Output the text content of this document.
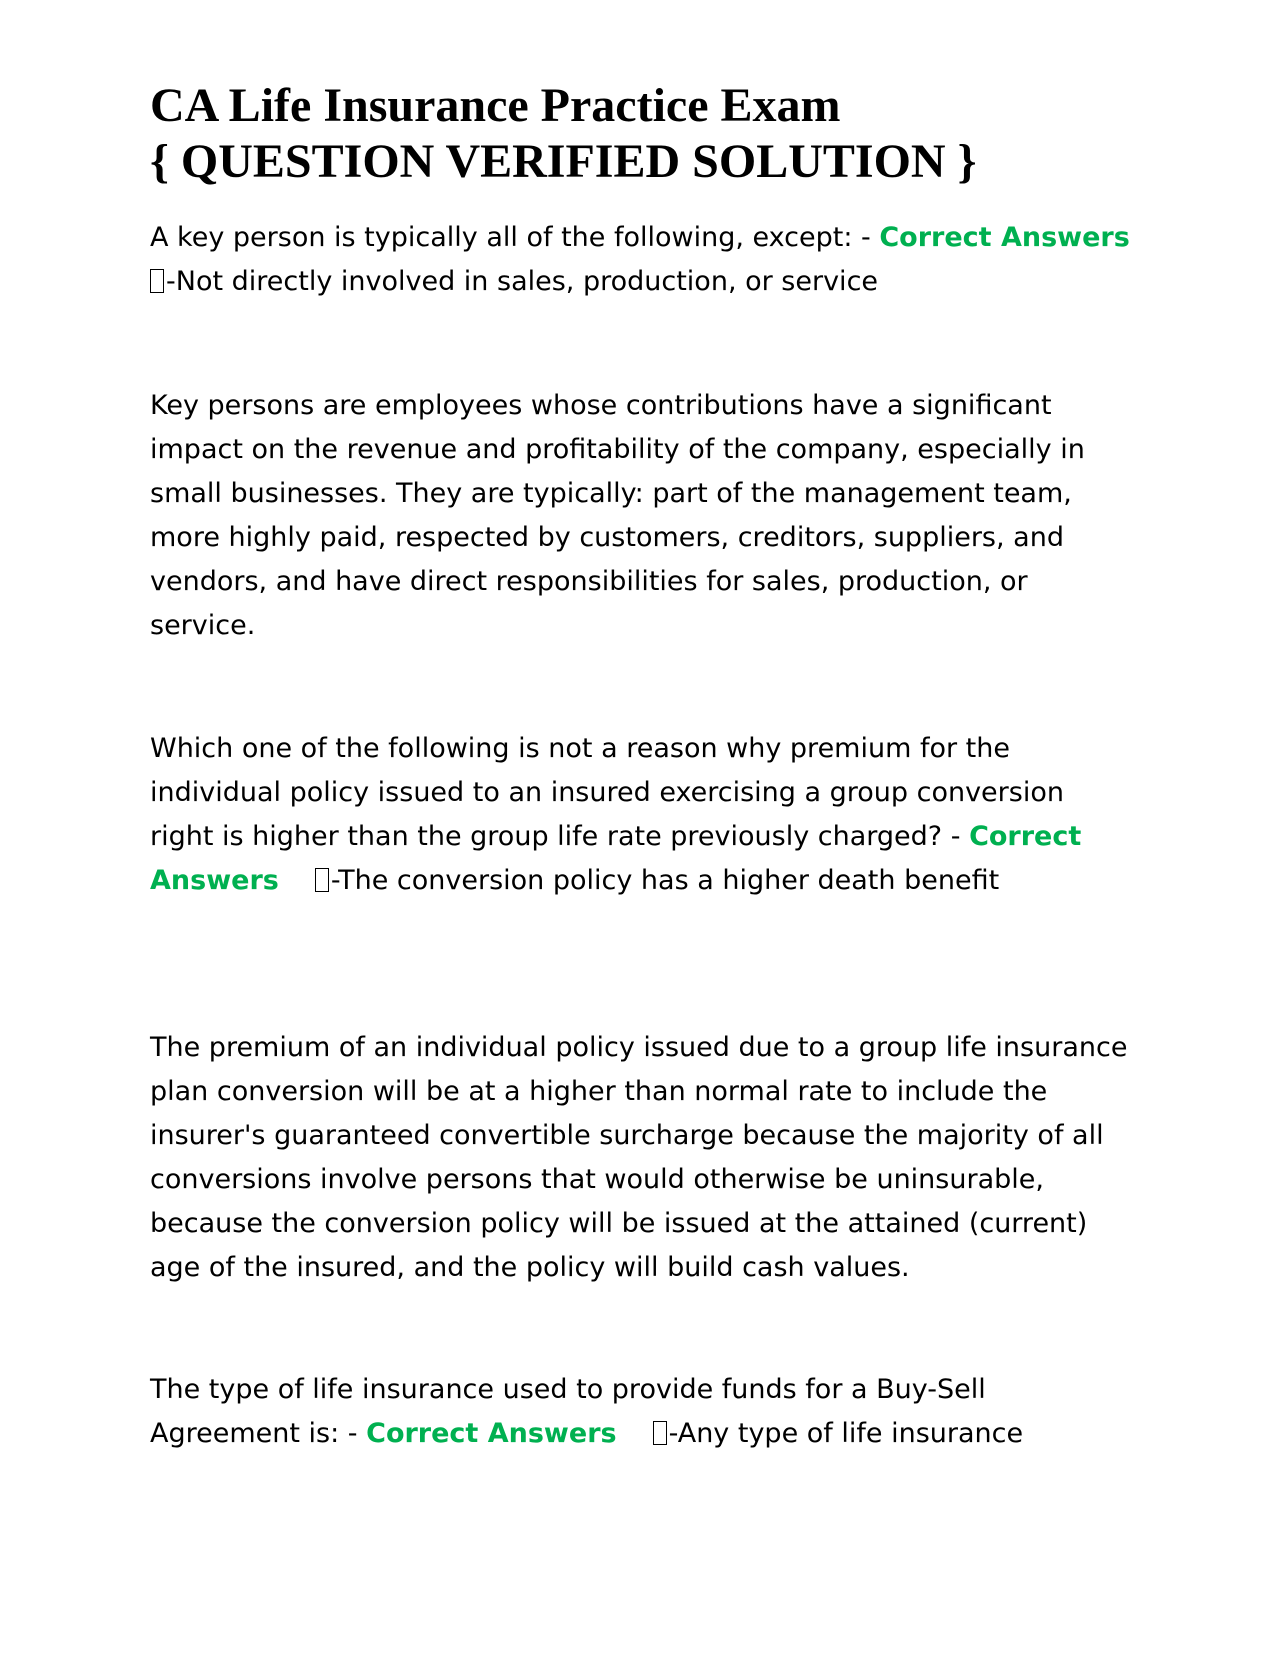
CA Life Insurance Practice Exam
{ QUESTION VERIFIED SOLUTION }

A key person is typically all of the following, except: - Correct Answers
-Not directly involved in sales, production, or service

Key persons are employees whose contributions have a significant
impact on the revenue and profitability of the company, especially in
small businesses. They are typically: part of the management team,
more highly paid, respected by customers, creditors, suppliers, and
vendors, and have direct responsibilities for sales, production, or
service.

Which one of the following is not a reason why premium for the
individual policy issued to an insured exercising a group conversion
right is higher than the group life rate previously charged? - Correct
Answers -The conversion policy has a higher death benefit

The premium of an individual policy issued due to a group life insurance
plan conversion will be at a higher than normal rate to include the
insurer's guaranteed convertible surcharge because the majority of all
conversions involve persons that would otherwise be uninsurable,
because the conversion policy will be issued at the attained (current)
age of the insured, and the policy will build cash values.

The type of life insurance used to provide funds for a Buy-Sell
Agreement is: - Correct Answers -Any type of life insurance
